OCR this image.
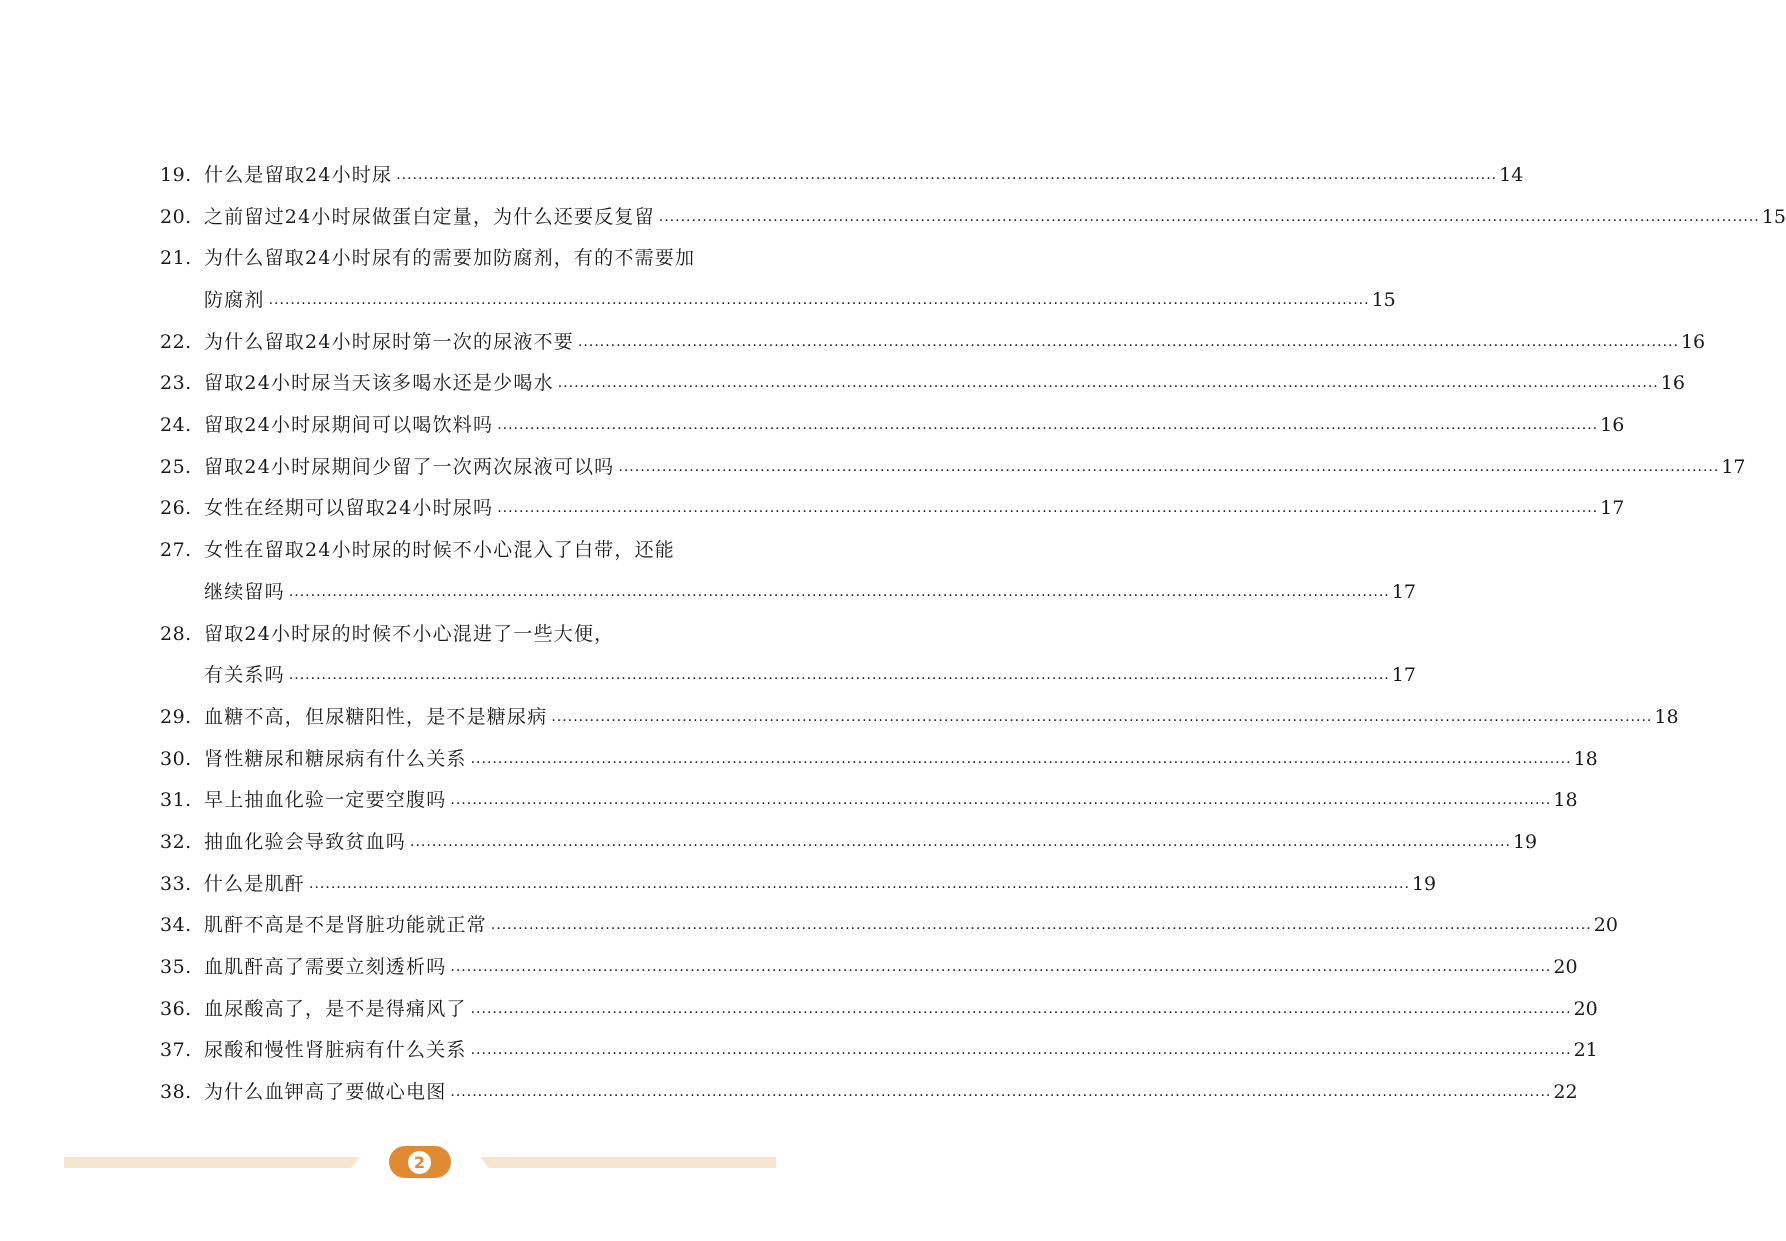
19. 什么是留取24小时尿 .....	14
20. 之前留过24小时尿做蛋白定量，为什么还要反复留 .....	15
21. 为什么留取24小时尿有的需要加防腐剂，有的不需要加
防腐剂 .....	15
22. 为什么留取24小时尿时第一次的尿液不要 .....	16
23. 留取24小时尿当天该多喝水还是少喝水 .....	16
24. 留取24小时尿期间可以喝饮料吗 .....	16
25. 留取24小时尿期间少留了一次两次尿液可以吗 .....	17
26. 女性在经期可以留取24小时尿吗 .....	17
27. 女性在留取24小时尿的时候不小心混入了白带，还能
继续留吗 .....	17
28. 留取24小时尿的时候不小心混进了一些大便，
有关系吗 .....	17
29. 血糖不高，但尿糖阳性，是不是糖尿病 .....	18
30. 肾性糖尿和糖尿病有什么关系 .....	18
31. 早上抽血化验一定要空腹吗 .....	18
32. 抽血化验会导致贫血吗 .....	19
33. 什么是肌酐 .....	19
34. 肌酐不高是不是肾脏功能就正常 .....	20
35. 血肌酐高了需要立刻透析吗 .....	20
36. 血尿酸高了，是不是得痛风了 .....	20
37. 尿酸和慢性肾脏病有什么关系 .....	21
38. 为什么血钾高了要做心电图 .....	22
2
